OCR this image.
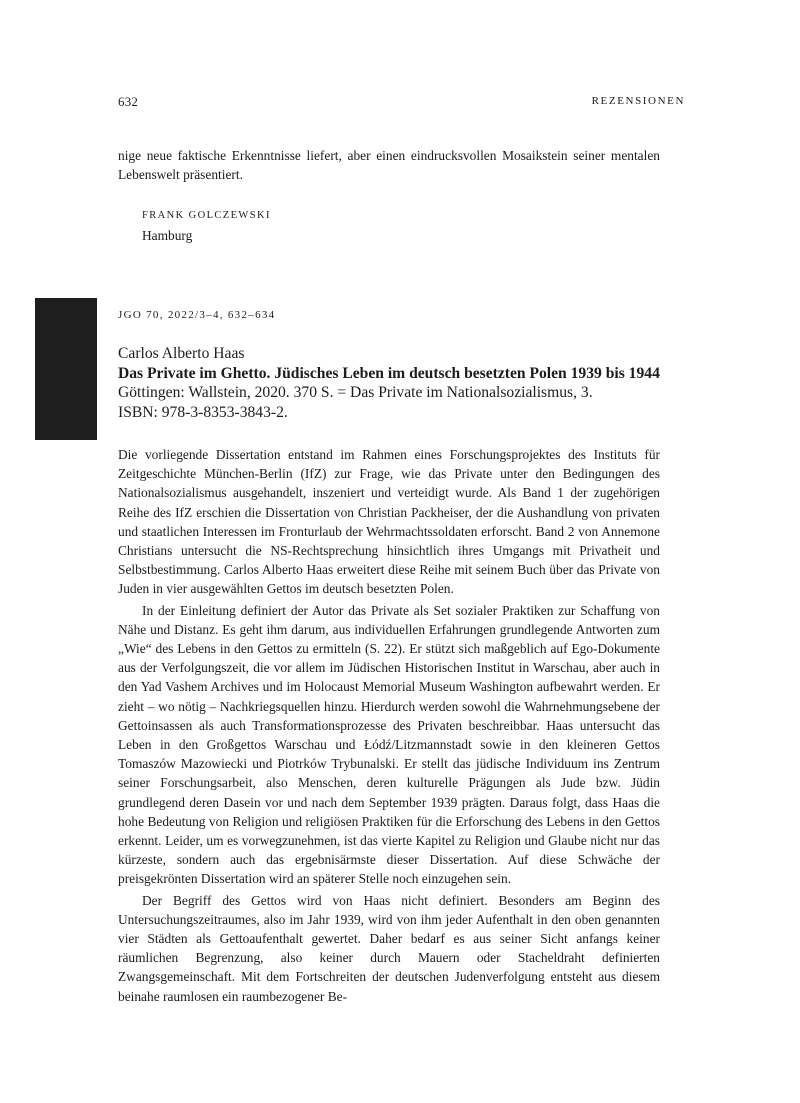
632	REZENSIONEN

nige neue faktische Erkenntnisse liefert, aber einen eindrucksvollen Mosaikstein seiner mentalen Lebenswelt präsentiert.

FRANK GOLCZEWSKI
Hamburg
JGO 70, 2022/3–4, 632–634
Carlos Alberto Haas
Das Private im Ghetto. Jüdisches Leben im deutsch besetzten Polen 1939 bis 1944
Göttingen: Wallstein, 2020. 370 S. = Das Private im Nationalsozialismus, 3.
ISBN: 978-3-8353-3843-2.

Die vorliegende Dissertation entstand im Rahmen eines Forschungsprojektes des Instituts für Zeitgeschichte München-Berlin (IfZ) zur Frage, wie das Private unter den Bedingungen des Nationalsozialismus ausgehandelt, inszeniert und verteidigt wurde. Als Band 1 der zugehörigen Reihe des IfZ erschien die Dissertation von Christian Packheiser, der die Aushandlung von privaten und staatlichen Interessen im Fronturlaub der Wehrmachtssoldaten erforscht. Band 2 von Annemone Christians untersucht die NS-Rechtsprechung hinsichtlich ihres Umgangs mit Privatheit und Selbstbestimmung. Carlos Alberto Haas erweitert diese Reihe mit seinem Buch über das Private von Juden in vier ausgewählten Gettos im deutsch besetzten Polen.

In der Einleitung definiert der Autor das Private als Set sozialer Praktiken zur Schaffung von Nähe und Distanz. Es geht ihm darum, aus individuellen Erfahrungen grundlegende Antworten zum „Wie“ des Lebens in den Gettos zu ermitteln (S. 22). Er stützt sich maßgeblich auf Ego-Dokumente aus der Verfolgungszeit, die vor allem im Jüdischen Historischen Institut in Warschau, aber auch in den Yad Vashem Archives und im Holocaust Memorial Museum Washington aufbewahrt werden. Er zieht – wo nötig – Nachkriegsquellen hinzu. Hierdurch werden sowohl die Wahrnehmungsebene der Gettoinsassen als auch Transformationsprozesse des Privaten beschreibbar. Haas untersucht das Leben in den Großgettos Warschau und Łódź/Litzmannstadt sowie in den kleineren Gettos Tomaszów Mazowiecki und Piotrków Trybunalski. Er stellt das jüdische Individuum ins Zentrum seiner Forschungsarbeit, also Menschen, deren kulturelle Prägungen als Jude bzw. Jüdin grundlegend deren Dasein vor und nach dem September 1939 prägten. Daraus folgt, dass Haas die hohe Bedeutung von Religion und religiösen Praktiken für die Erforschung des Lebens in den Gettos erkennt. Leider, um es vorwegzunehmen, ist das vierte Kapitel zu Religion und Glaube nicht nur das kürzeste, sondern auch das ergebnisärmste dieser Dissertation. Auf diese Schwäche der preisgekrönten Dissertation wird an späterer Stelle noch einzugehen sein.

Der Begriff des Gettos wird von Haas nicht definiert. Besonders am Beginn des Untersuchungszeitraumes, also im Jahr 1939, wird von ihm jeder Aufenthalt in den oben genannten vier Städten als Gettoaufenthalt gewertet. Daher bedarf es aus seiner Sicht anfangs keiner räumlichen Begrenzung, also keiner durch Mauern oder Stacheldraht definierten Zwangsgemeinschaft. Mit dem Fortschreiten der deutschen Judenverfolgung entsteht aus diesem beinahe raumlosen ein raumbezogener Be-
